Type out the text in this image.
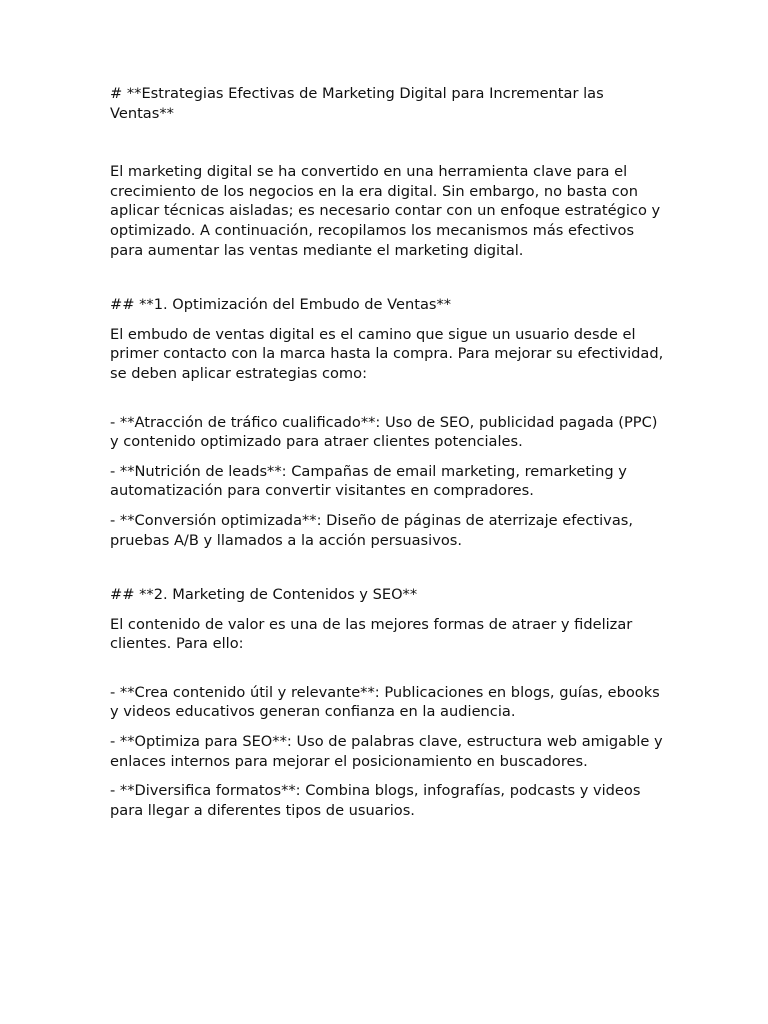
# **Estrategias Efectivas de Marketing Digital para Incrementar las Ventas**

El marketing digital se ha convertido en una herramienta clave para el crecimiento de los negocios en la era digital. Sin embargo, no basta con aplicar técnicas aisladas; es necesario contar con un enfoque estratégico y optimizado. A continuación, recopilamos los mecanismos más efectivos para aumentar las ventas mediante el marketing digital.

## **1. Optimización del Embudo de Ventas**

El embudo de ventas digital es el camino que sigue un usuario desde el primer contacto con la marca hasta la compra. Para mejorar su efectividad, se deben aplicar estrategias como:

- **Atracción de tráfico cualificado**: Uso de SEO, publicidad pagada (PPC) y contenido optimizado para atraer clientes potenciales.

- **Nutrición de leads**: Campañas de email marketing, remarketing y automatización para convertir visitantes en compradores.

- **Conversión optimizada**: Diseño de páginas de aterrizaje efectivas, pruebas A/B y llamados a la acción persuasivos.

## **2. Marketing de Contenidos y SEO**

El contenido de valor es una de las mejores formas de atraer y fidelizar clientes. Para ello:

- **Crea contenido útil y relevante**: Publicaciones en blogs, guías, ebooks y videos educativos generan confianza en la audiencia.

- **Optimiza para SEO**: Uso de palabras clave, estructura web amigable y enlaces internos para mejorar el posicionamiento en buscadores.

- **Diversifica formatos**: Combina blogs, infografías, podcasts y videos para llegar a diferentes tipos de usuarios.
